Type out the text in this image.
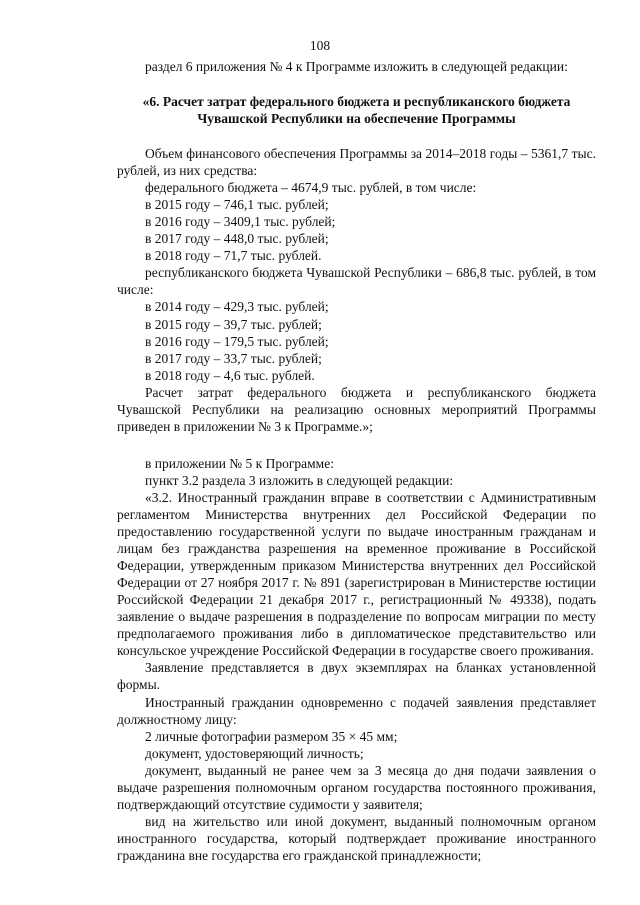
108

раздел 6 приложения № 4 к Программе изложить в следующей редакции:

«6. Расчет затрат федерального бюджета и республиканского бюджета
Чувашской Республики на обеспечение Программы

Объем финансового обеспечения Программы за 2014–2018 годы – 5361,7 тыс. рублей, из них средства:

федерального бюджета – 4674,9 тыс. рублей, в том числе:

в 2015 году – 746,1 тыс. рублей;

в 2016 году – 3409,1 тыс. рублей;

в 2017 году – 448,0 тыс. рублей;

в 2018 году – 71,7 тыс. рублей.

республиканского бюджета Чувашской Республики – 686,8 тыс. рублей, в том числе:

в 2014 году – 429,3 тыс. рублей;

в 2015 году – 39,7 тыс. рублей;

в 2016 году – 179,5 тыс. рублей;

в 2017 году – 33,7 тыс. рублей;

в 2018 году – 4,6 тыс. рублей.

Расчет затрат федерального бюджета и республиканского бюджета Чувашской Республики на реализацию основных мероприятий Программы приведен в приложении № 3 к Программе.»;

в приложении № 5 к Программе:

пункт 3.2 раздела 3 изложить в следующей редакции:

«3.2. Иностранный гражданин вправе в соответствии с Административным регламентом Министерства внутренних дел Российской Федерации по предоставлению государственной услуги по выдаче иностранным гражданам и лицам без гражданства разрешения на временное проживание в Российской Федерации, утвержденным приказом Министерства внутренних дел Российской Федерации от 27 ноября 2017 г. № 891 (зарегистрирован в Министерстве юстиции Российской Федерации 21 декабря 2017 г., регистрационный № 49338), подать заявление о выдаче разрешения в подразделение по вопросам миграции по месту предполагаемого проживания либо в дипломатическое представительство или консульское учреждение Российской Федерации в государстве своего проживания.

Заявление представляется в двух экземплярах на бланках установленной формы.

Иностранный гражданин одновременно с подачей заявления представляет должностному лицу:

2 личные фотографии размером 35 × 45 мм;

документ, удостоверяющий личность;

документ, выданный не ранее чем за 3 месяца до дня подачи заявления о выдаче разрешения полномочным органом государства постоянного проживания, подтверждающий отсутствие судимости у заявителя;

вид на жительство или иной документ, выданный полномочным органом иностранного государства, который подтверждает проживание иностранного гражданина вне государства его гражданской принадлежности;
